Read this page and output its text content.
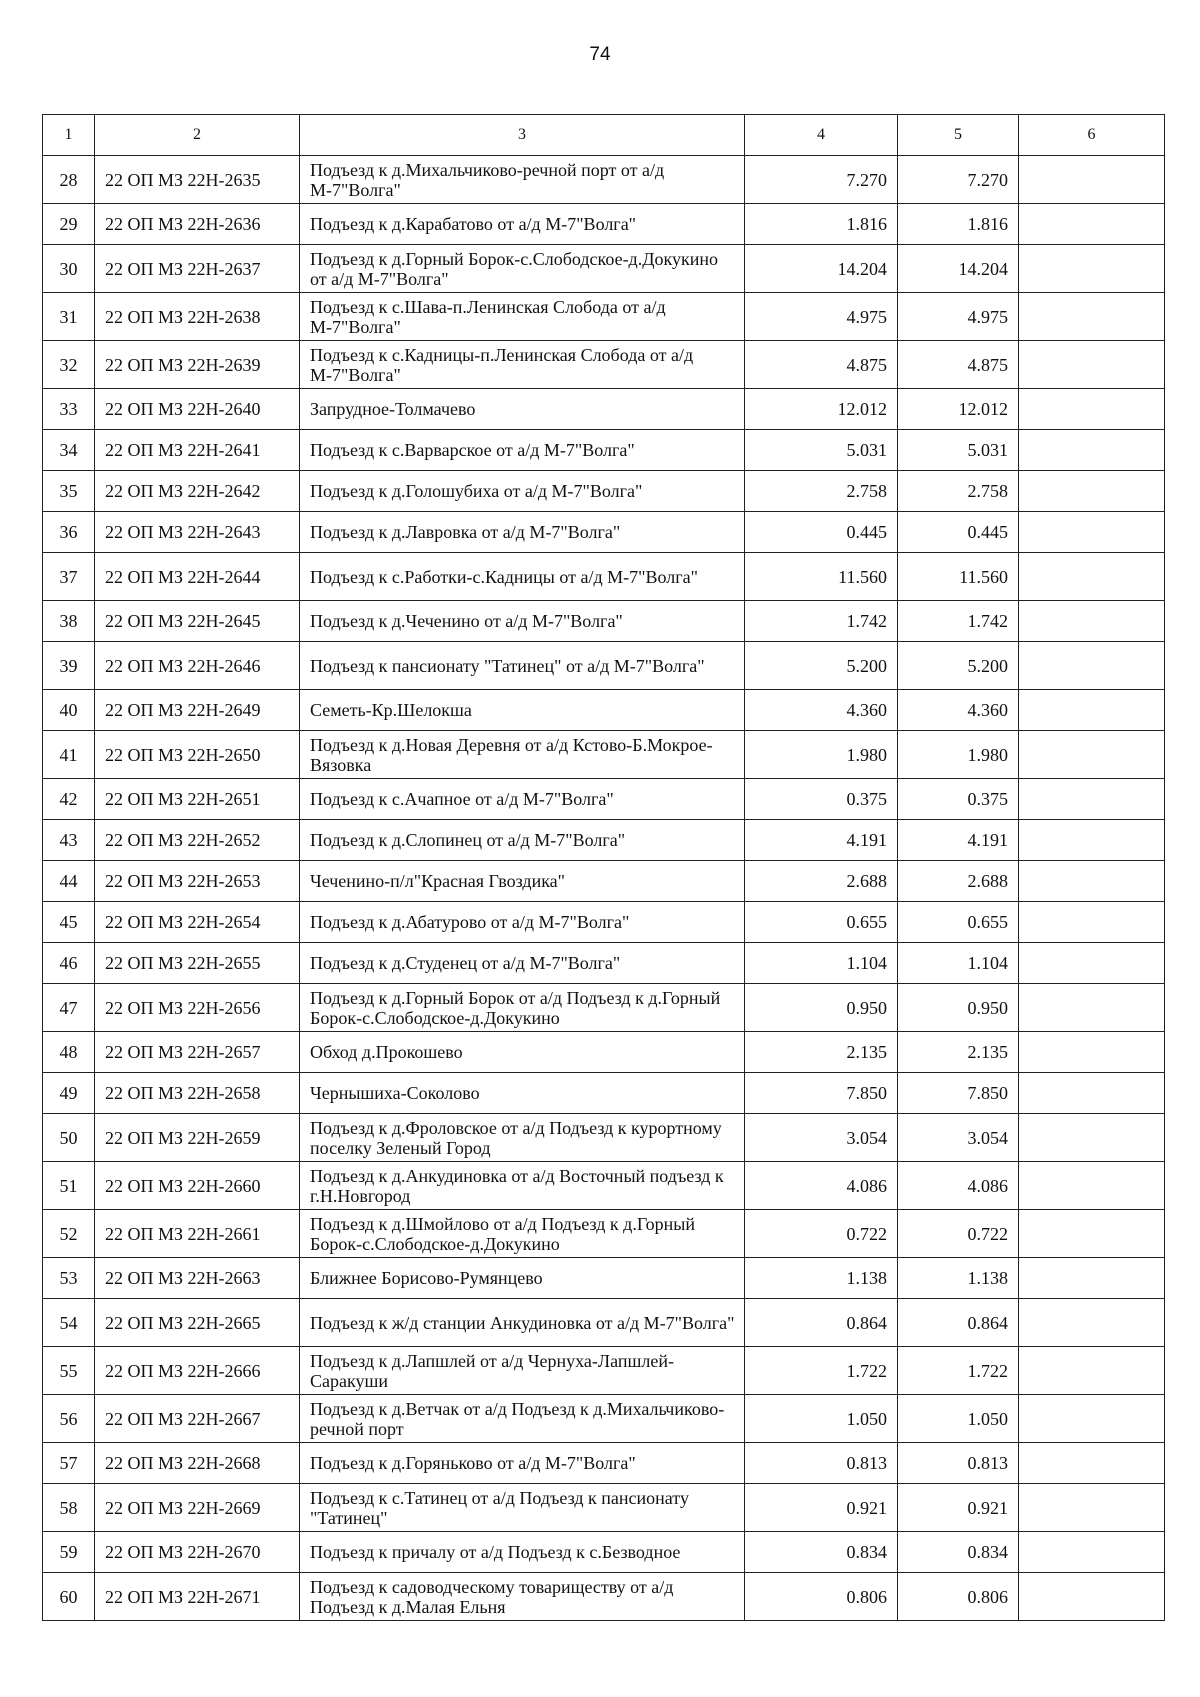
74
1	2	3	4	5	6
28	22 ОП МЗ 22Н-2635	Подъезд к д.Михальчиково-речной порт от а/д М-7"Волга"	7.270	7.270	
29	22 ОП МЗ 22Н-2636	Подъезд к д.Карабатово от а/д М-7"Волга"	1.816	1.816	
30	22 ОП МЗ 22Н-2637	Подъезд к д.Горный Борок-с.Слободское-д.Докукино от а/д М-7"Волга"	14.204	14.204	
31	22 ОП МЗ 22Н-2638	Подъезд к с.Шава-п.Ленинская Слобода от а/д М-7"Волга"	4.975	4.975	
32	22 ОП МЗ 22Н-2639	Подъезд к с.Кадницы-п.Ленинская Слобода от а/д М-7"Волга"	4.875	4.875	
33	22 ОП МЗ 22Н-2640	Запрудное-Толмачево	12.012	12.012	
34	22 ОП МЗ 22Н-2641	Подъезд к с.Варварское от а/д М-7"Волга"	5.031	5.031	
35	22 ОП МЗ 22Н-2642	Подъезд к д.Голошубиха от а/д М-7"Волга"	2.758	2.758	
36	22 ОП МЗ 22Н-2643	Подъезд к д.Лавровка от а/д М-7"Волга"	0.445	0.445	
37	22 ОП МЗ 22Н-2644	Подъезд к с.Работки-с.Кадницы от а/д М-7"Волга"	11.560	11.560	
38	22 ОП МЗ 22Н-2645	Подъезд к д.Чеченино от а/д М-7"Волга"	1.742	1.742	
39	22 ОП МЗ 22Н-2646	Подъезд к пансионату "Татинец" от а/д М-7"Волга"	5.200	5.200	
40	22 ОП МЗ 22Н-2649	Семеть-Кр.Шелокша	4.360	4.360	
41	22 ОП МЗ 22Н-2650	Подъезд к д.Новая Деревня от а/д Кстово-Б.Мокрое-Вязовка	1.980	1.980	
42	22 ОП МЗ 22Н-2651	Подъезд к с.Ачапное от а/д М-7"Волга"	0.375	0.375	
43	22 ОП МЗ 22Н-2652	Подъезд к д.Слопинец от а/д М-7"Волга"	4.191	4.191	
44	22 ОП МЗ 22Н-2653	Чеченино-п/л"Красная Гвоздика"	2.688	2.688	
45	22 ОП МЗ 22Н-2654	Подъезд к д.Абатурово от а/д М-7"Волга"	0.655	0.655	
46	22 ОП МЗ 22Н-2655	Подъезд к д.Студенец от а/д М-7"Волга"	1.104	1.104	
47	22 ОП МЗ 22Н-2656	Подъезд к д.Горный Борок от а/д Подъезд к д.Горный Борок-с.Слободское-д.Докукино	0.950	0.950	
48	22 ОП МЗ 22Н-2657	Обход д.Прокошево	2.135	2.135	
49	22 ОП МЗ 22Н-2658	Чернышиха-Соколово	7.850	7.850	
50	22 ОП МЗ 22Н-2659	Подъезд к д.Фроловское от а/д Подъезд к курортному поселку Зеленый Город	3.054	3.054	
51	22 ОП МЗ 22Н-2660	Подъезд к д.Анкудиновка от а/д Восточный подъезд к г.Н.Новгород	4.086	4.086	
52	22 ОП МЗ 22Н-2661	Подъезд к д.Шмойлово от а/д Подъезд к д.Горный Борок-с.Слободское-д.Докукино	0.722	0.722	
53	22 ОП МЗ 22Н-2663	Ближнее Борисово-Румянцево	1.138	1.138	
54	22 ОП МЗ 22Н-2665	Подъезд к ж/д станции Анкудиновка от а/д М-7"Волга"	0.864	0.864	
55	22 ОП МЗ 22Н-2666	Подъезд к д.Лапшлей от а/д Чернуха-Лапшлей-Саракуши	1.722	1.722	
56	22 ОП МЗ 22Н-2667	Подъезд к д.Ветчак от а/д Подъезд к д.Михальчиково-речной порт	1.050	1.050	
57	22 ОП МЗ 22Н-2668	Подъезд к д.Горяньково от а/д М-7"Волга"	0.813	0.813	
58	22 ОП МЗ 22Н-2669	Подъезд к с.Татинец от а/д Подъезд к пансионату "Татинец"	0.921	0.921	
59	22 ОП МЗ 22Н-2670	Подъезд к причалу от а/д Подъезд к с.Безводное	0.834	0.834	
60	22 ОП МЗ 22Н-2671	Подъезд к садоводческому товариществу от а/д Подъезд к д.Малая Ельня	0.806	0.806	
